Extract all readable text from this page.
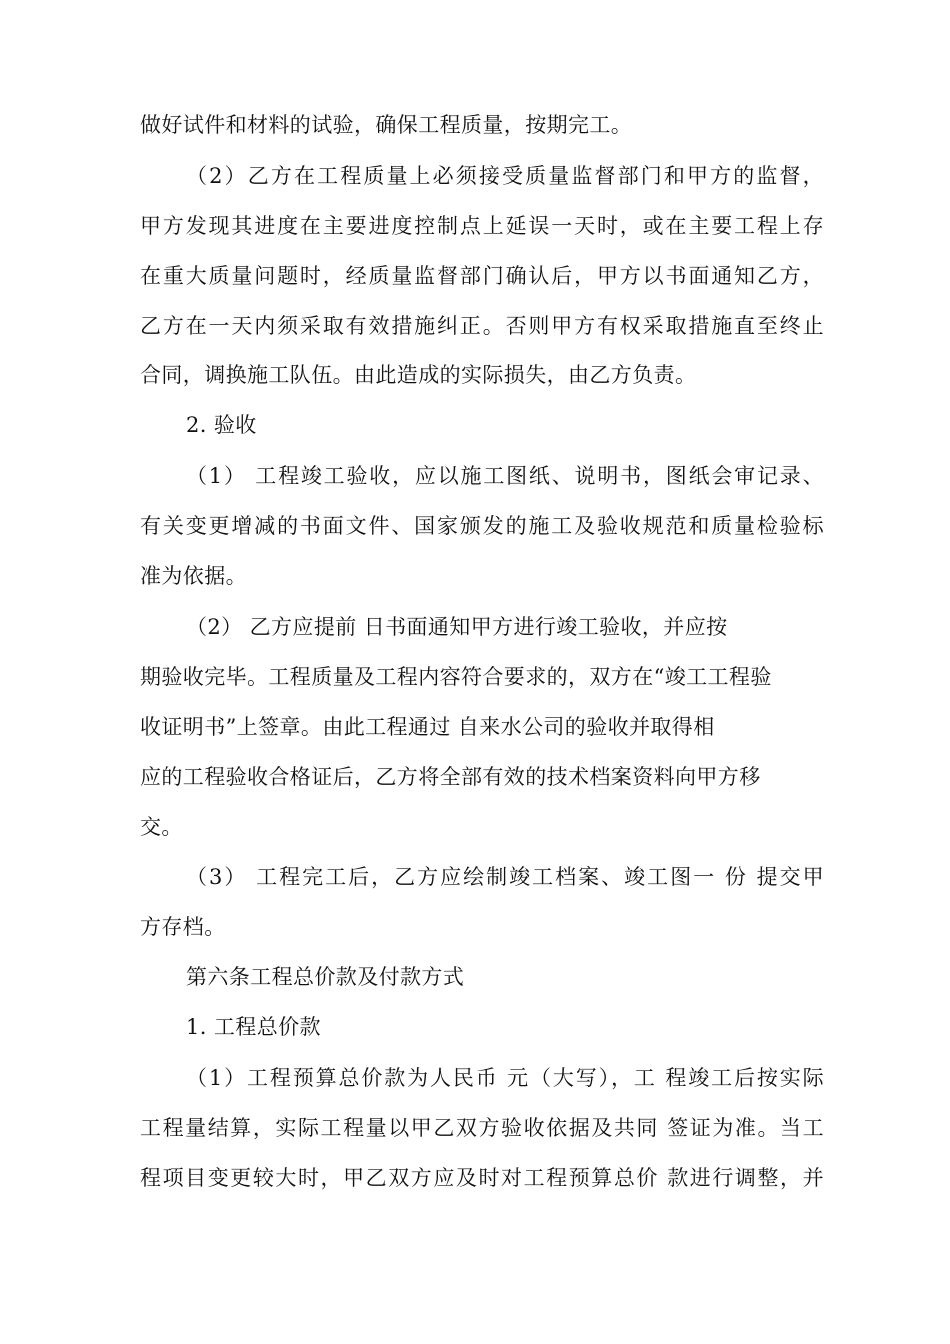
做好试件和材料的试验，确保工程质量，按期完工。
（2）乙方在工程质量上必须接受质量监督部门和甲方的监督，
甲方发现其进度在主要进度控制点上延误一天时，或在主要工程上存
在重大质量问题时，经质量监督部门确认后，甲方以书面通知乙方，
乙方在一天内须采取有效措施纠正。否则甲方有权采取措施直至终止
合同，调换施工队伍。由此造成的实际损失，由乙方负责。
2. 验收
（1） 工程竣工验收，应以施工图纸、说明书，图纸会审记录、
有关变更增减的书面文件、国家颁发的施工及验收规范和质量检验标
准为依据。
（2） 乙方应提前 日书面通知甲方进行竣工验收，并应按
期验收完毕。工程质量及工程内容符合要求的，双方在“竣工工程验
收证明书”上签章。由此工程通过 自来水公司的验收并取得相
应的工程验收合格证后，乙方将全部有效的技术档案资料向甲方移
交。
（3） 工程完工后，乙方应绘制竣工档案、竣工图一 份 提交甲
方存档。
第六条工程总价款及付款方式
1. 工程总价款
（1）工程预算总价款为人民币 元（大写），工 程竣工后按实际
工程量结算，实际工程量以甲乙双方验收依据及共同 签证为准。当工
程项目变更较大时，甲乙双方应及时对工程预算总价 款进行调整，并
